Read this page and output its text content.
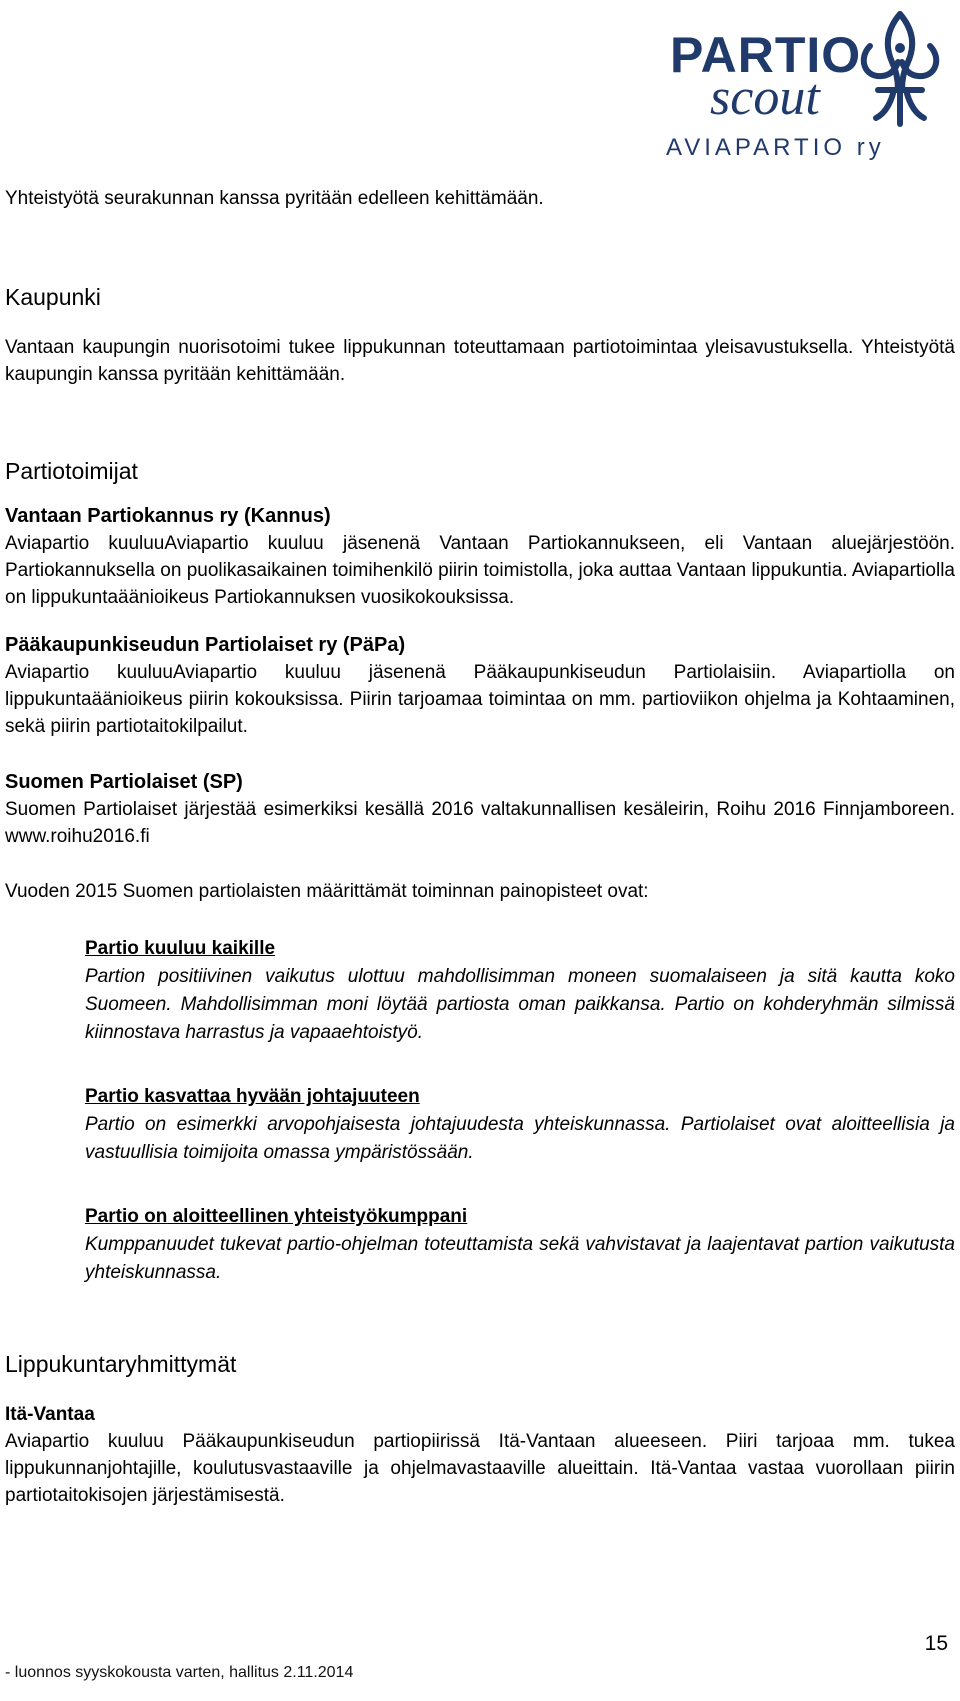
PARTIO
scout
AVIAPARTIO ry

Yhteistyötä seurakunnan kanssa pyritään edelleen kehittämään.

Kaupunki

Vantaan kaupungin nuorisotoimi tukee lippukunnan toteuttamaan partiotoimintaa yleisavustuksella. Yhteistyötä kaupungin kanssa pyritään kehittämään.

Partiotoimijat
Vantaan Partiokannus ry (Kannus)

Aviapartio kuuluuAviapartio kuuluu jäsenenä Vantaan Partiokannukseen, eli Vantaan aluejärjestöön. Partiokannuksella on puolikasaikainen toimihenkilö piirin toimistolla, joka auttaa Vantaan lippukuntia. Aviapartiolla on lippukuntaäänioikeus Partiokannuksen vuosikokouksissa.

Pääkaupunkiseudun Partiolaiset ry (PäPa)

Aviapartio kuuluuAviapartio kuuluu jäsenenä Pääkaupunkiseudun Partiolaisiin. Aviapartiolla on lippukuntaäänioikeus piirin kokouksissa. Piirin tarjoamaa toimintaa on mm. partioviikon ohjelma ja Kohtaaminen, sekä piirin partiotaitokilpailut.

Suomen Partiolaiset (SP)

Suomen Partiolaiset järjestää esimerkiksi kesällä 2016 valtakunnallisen kesäleirin, Roihu 2016 Finnjamboreen. www.roihu2016.fi

Vuoden 2015 Suomen partiolaisten määrittämät toiminnan painopisteet ovat:

Partio kuuluu kaikille

Partion positiivinen vaikutus ulottuu mahdollisimman moneen suomalaiseen ja sitä kautta koko Suomeen. Mahdollisimman moni löytää partiosta oman paikkansa. Partio on kohderyhmän silmissä kiinnostava harrastus ja vapaaehtoistyö.

Partio kasvattaa hyvään johtajuuteen

Partio on esimerkki arvopohjaisesta johtajuudesta yhteiskunnassa. Partiolaiset ovat aloitteellisia ja vastuullisia toimijoita omassa ympäristössään.

Partio on aloitteellinen yhteistyökumppani

Kumppanuudet tukevat partio-ohjelman toteuttamista sekä vahvistavat ja laajentavat partion vaikutusta yhteiskunnassa.

Lippukuntaryhmittymät
Itä-Vantaa

Aviapartio kuuluu Pääkaupunkiseudun partiopiirissä Itä-Vantaan alueeseen. Piiri tarjoaa mm. tukea lippukunnanjohtajille, koulutusvastaaville ja ohjelmavastaaville alueittain. Itä-Vantaa vastaa vuorollaan piirin partiotaitokisojen järjestämisestä.

15
- luonnos syyskokousta varten, hallitus 2.11.2014
